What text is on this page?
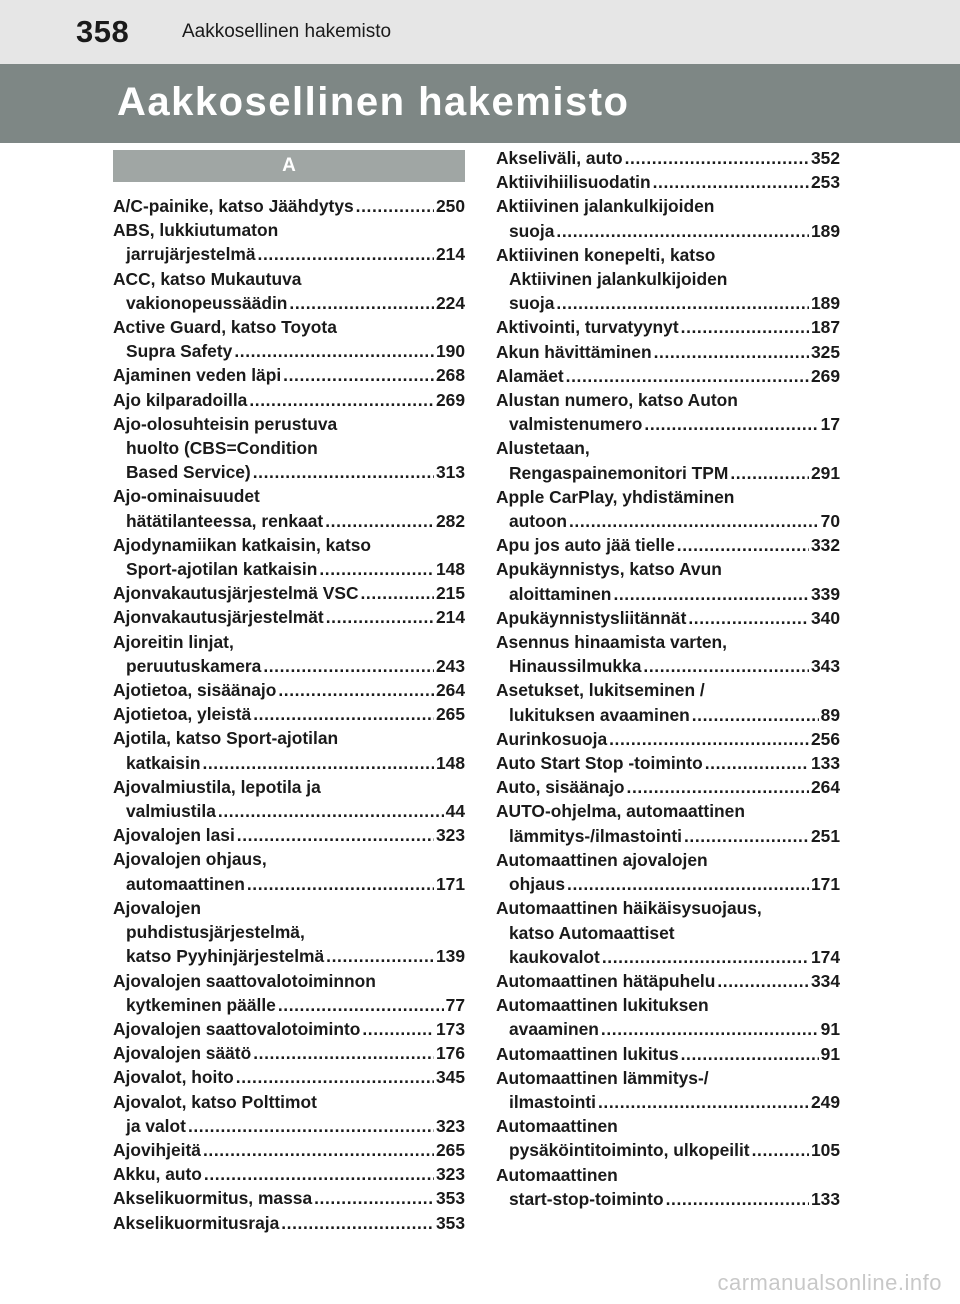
358	Aakkosellinen hakemisto
Aakkosellinen hakemisto
A
A/C-painike, katso Jäähdytys .....	250
ABS, lukkiutumaton
jarrujärjestelmä .....	214
ACC, katso Mukautuva
vakionopeussäädin .....	224
Active Guard, katso Toyota
Supra Safety .....	190
Ajaminen veden läpi .....	268
Ajo kilparadoilla .....	269
Ajo-olosuhteisin perustuva
huolto (CBS=Condition
Based Service) .....	313
Ajo-ominaisuudet
hätätilanteessa, renkaat .....	282
Ajodynamiikan katkaisin, katso
Sport-ajotilan katkaisin .....	148
Ajonvakautusjärjestelmä VSC .....	215
Ajonvakautusjärjestelmät .....	214
Ajoreitin linjat,
peruutuskamera .....	243
Ajotietoa, sisäänajo .....	264
Ajotietoa, yleistä .....	265
Ajotila, katso Sport-ajotilan
katkaisin .....	148
Ajovalmiustila, lepotila ja
valmiustila .....	44
Ajovalojen lasi .....	323
Ajovalojen ohjaus,
automaattinen .....	171
Ajovalojen
puhdistusjärjestelmä,
katso Pyyhinjärjestelmä .....	139
Ajovalojen saattovalotoiminnon
kytkeminen päälle .....	77
Ajovalojen saattovalotoiminto .....	173
Ajovalojen säätö .....	176
Ajovalot, hoito .....	345
Ajovalot, katso Polttimot
ja valot .....	323
Ajovihjeitä .....	265
Akku, auto .....	323
Akselikuormitus, massa .....	353
Akselikuormitusraja .....	353
Akseliväli, auto .....	352
Aktiivihiilisuodatin .....	253
Aktiivinen jalankulkijoiden
suoja .....	189
Aktiivinen konepelti, katso
Aktiivinen jalankulkijoiden
suoja .....	189
Aktivointi, turvatyynyt .....	187
Akun hävittäminen .....	325
Alamäet .....	269
Alustan numero, katso Auton
valmistenumero .....	17
Alustetaan,
Rengaspainemonitori TPM .....	291
Apple CarPlay, yhdistäminen
autoon .....	70
Apu jos auto jää tielle .....	332
Apukäynnistys, katso Avun
aloittaminen .....	339
Apukäynnistysliitännät .....	340
Asennus hinaamista varten,
Hinaussilmukka .....	343
Asetukset, lukitseminen /
lukituksen avaaminen .....	89
Aurinkosuoja .....	256
Auto Start Stop -toiminto .....	133
Auto, sisäänajo .....	264
AUTO-ohjelma, automaattinen
lämmitys-/ilmastointi .....	251
Automaattinen ajovalojen
ohjaus .....	171
Automaattinen häikäisysuojaus,
katso Automaattiset
kaukovalot .....	174
Automaattinen hätäpuhelu .....	334
Automaattinen lukituksen
avaaminen .....	91
Automaattinen lukitus .....	91
Automaattinen lämmitys-/
ilmastointi .....	249
Automaattinen
pysäköintitoiminto, ulkopeilit .....	105
Automaattinen
start-stop-toiminto .....	133
carmanualsonline.info
